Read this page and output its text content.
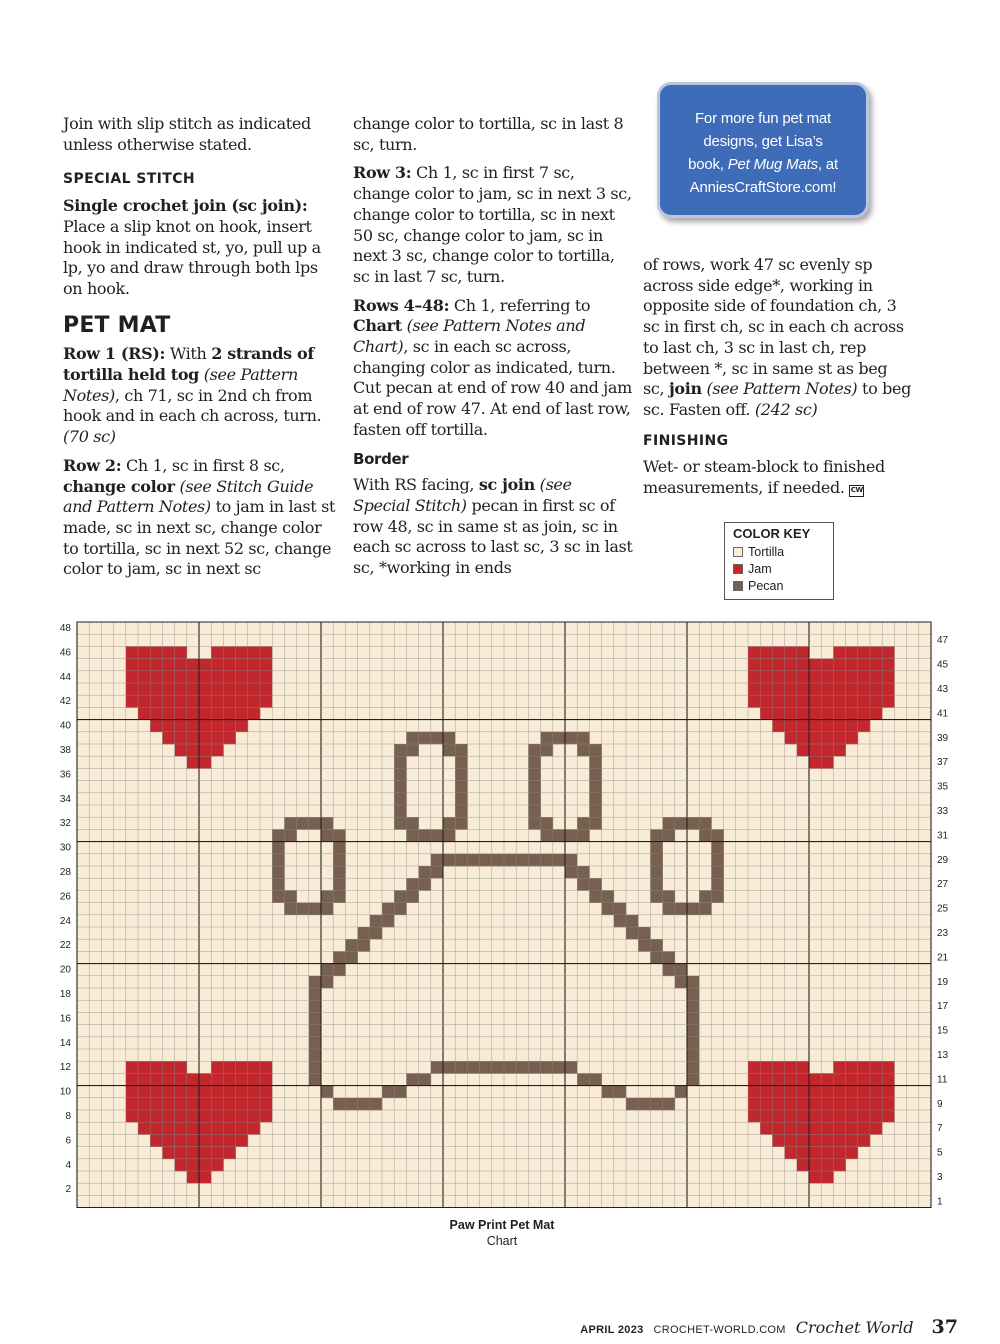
Join with slip stitch as indicated unless otherwise stated.

SPECIAL STITCH

Single crochet join (sc join): Place a slip knot on hook, insert hook in indicated st, yo, pull up a lp, yo and draw through both lps on hook.

PET MAT

Row 1 (RS): With 2 strands of tortilla held tog (see Pattern Notes), ch 71, sc in 2nd ch from hook and in each ch across, turn. (70 sc)

Row 2: Ch 1, sc in first 8 sc, change color (see Stitch Guide and Pattern Notes) to jam in last st made, sc in next sc, change color to tortilla, sc in next 52 sc, change color to jam, sc in next sc

change color to tortilla, sc in last 8 sc, turn.

Row 3: Ch 1, sc in first 7 sc, change color to jam, sc in next 3 sc, change color to tortilla, sc in next 50 sc, change color to jam, sc in next 3 sc, change color to tortilla, sc in last 7 sc, turn.

Rows 4–48: Ch 1, referring to Chart (see Pattern Notes and Chart), sc in each sc across, changing color as indicated, turn. Cut pecan at end of row 40 and jam at end of row 47. At end of last row, fasten off tortilla.

Border

With RS facing, sc join (see Special Stitch) pecan in first sc of row 48, sc in same st as join, sc in each sc across to last sc, 3 sc in last sc, *working in ends

of rows, work 47 sc evenly sp across side edge*, working in opposite side of foundation ch, 3 sc in first ch, sc in each ch across to last ch, 3 sc in last ch, rep between *, sc in same st as beg sc, join (see Pattern Notes) to beg sc. Fasten off. (242 sc)

FINISHING

Wet- or steam-block to finished measurements, if needed. CW

For more fun pet mat
designs, get Lisa’s
book, Pet Mug Mats, at
AnniesCraftStore.com!
COLOR KEY
Tortilla
Jam
Pecan
2
4
6
8
10
12
14
16
18
20
22
24
26
28
30
32
34
36
38
40
42
44
46
48
1
3
5
7
9
11
13
15
17
19
21
23
25
27
29
31
33
35
37
39
41
43
45
47
Paw Print Pet Mat
Chart
APRIL 2023 CROCHET-WORLD.COM Crochet World 37
